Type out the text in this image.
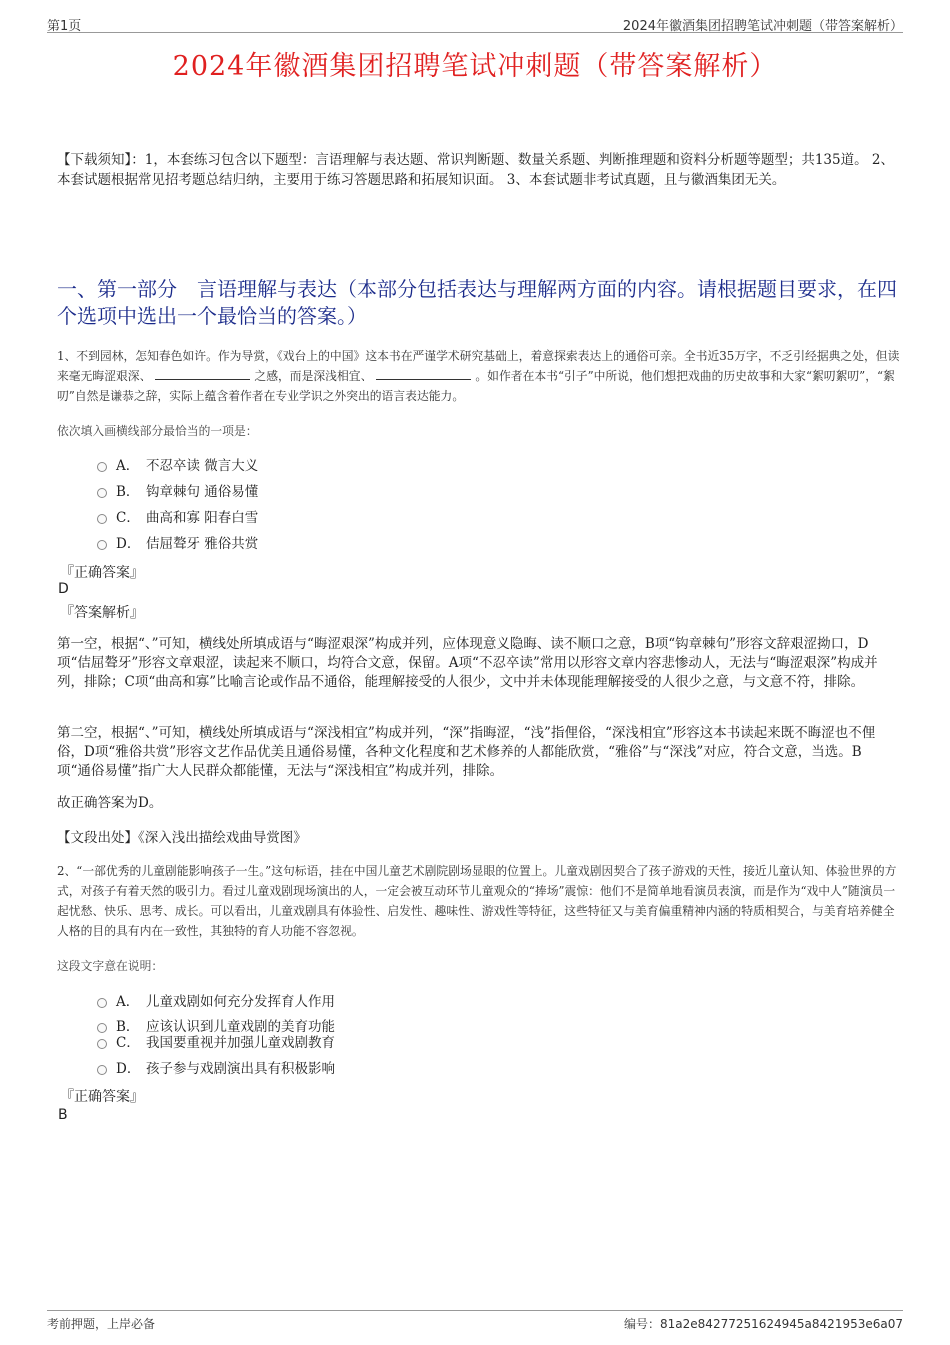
第1页	2024年徽酒集团招聘笔试冲刺题（带答案解析）
2024年徽酒集团招聘笔试冲刺题（带答案解析）
【下载须知】：1，本套练习包含以下题型：言语理解与表达题、常识判断题、数量关系题、判断推理题和资料分析题等题型；共135道。 2、本套试题根据常见招考题总结归纳，主要用于练习答题思路和拓展知识面。 3、本套试题非考试真题，且与徽酒集团无关。
一、第一部分　言语理解与表达（本部分包括表达与理解两方面的内容。请根据题目要求，在四个选项中选出一个最恰当的答案。）
1、不到园林，怎知春色如许。作为导赏，《戏台上的中国》这本书在严谨学术研究基础上，着意探索表达上的通俗可亲。全书近35万字，不乏引经据典之处，但读来毫无晦涩艰深、	之感，而是深浅相宜、	。如作者在本书“引子”中所说，他们想把戏曲的历史故事和大家“絮叨絮叨”，“絮叨”自然是谦恭之辞，实际上蕴含着作者在专业学识之外突出的语言表达能力。
依次填入画横线部分最恰当的一项是：
A． 不忍卒读 微言大义
B． 钩章棘句 通俗易懂
C． 曲高和寡 阳春白雪
D． 佶屈聱牙 雅俗共赏
『正确答案』
D
『答案解析』
第一空，根据“、”可知，横线处所填成语与“晦涩艰深”构成并列，应体现意义隐晦、读不顺口之意，B项“钩章棘句”形容文辞艰涩拗口，D项“佶屈聱牙”形容文章艰涩，读起来不顺口，均符合文意，保留。A项“不忍卒读”常用以形容文章内容悲惨动人，无法与“晦涩艰深”构成并列，排除；C项“曲高和寡”比喻言论或作品不通俗，能理解接受的人很少，文中并未体现能理解接受的人很少之意，与文意不符，排除。
第二空，根据“、”可知，横线处所填成语与“深浅相宜”构成并列，“深”指晦涩，“浅”指俚俗，“深浅相宜”形容这本书读起来既不晦涩也不俚俗，D项“雅俗共赏”形容文艺作品优美且通俗易懂，各种文化程度和艺术修养的人都能欣赏，“雅俗”与“深浅”对应，符合文意，当选。B项“通俗易懂”指广大人民群众都能懂，无法与“深浅相宜”构成并列，排除。
故正确答案为D。
【文段出处】《深入浅出描绘戏曲导赏图》
2、“一部优秀的儿童剧能影响孩子一生。”这句标语，挂在中国儿童艺术剧院剧场显眼的位置上。儿童戏剧因契合了孩子游戏的天性，接近儿童认知、体验世界的方式，对孩子有着天然的吸引力。看过儿童戏剧现场演出的人，一定会被互动环节儿童观众的“捧场”震惊：他们不是简单地看演员表演，而是作为“戏中人”随演员一起忧愁、快乐、思考、成长。可以看出，儿童戏剧具有体验性、启发性、趣味性、游戏性等特征，这些特征又与美育偏重精神内涵的特质相契合，与美育培养健全人格的目的具有内在一致性，其独特的育人功能不容忽视。
这段文字意在说明：
A． 儿童戏剧如何充分发挥育人作用
B． 应该认识到儿童戏剧的美育功能
C． 我国要重视并加强儿童戏剧教育
D． 孩子参与戏剧演出具有积极影响
『正确答案』
B
考前押题，上岸必备	编号：81a2e84277251624945a8421953e6a07
